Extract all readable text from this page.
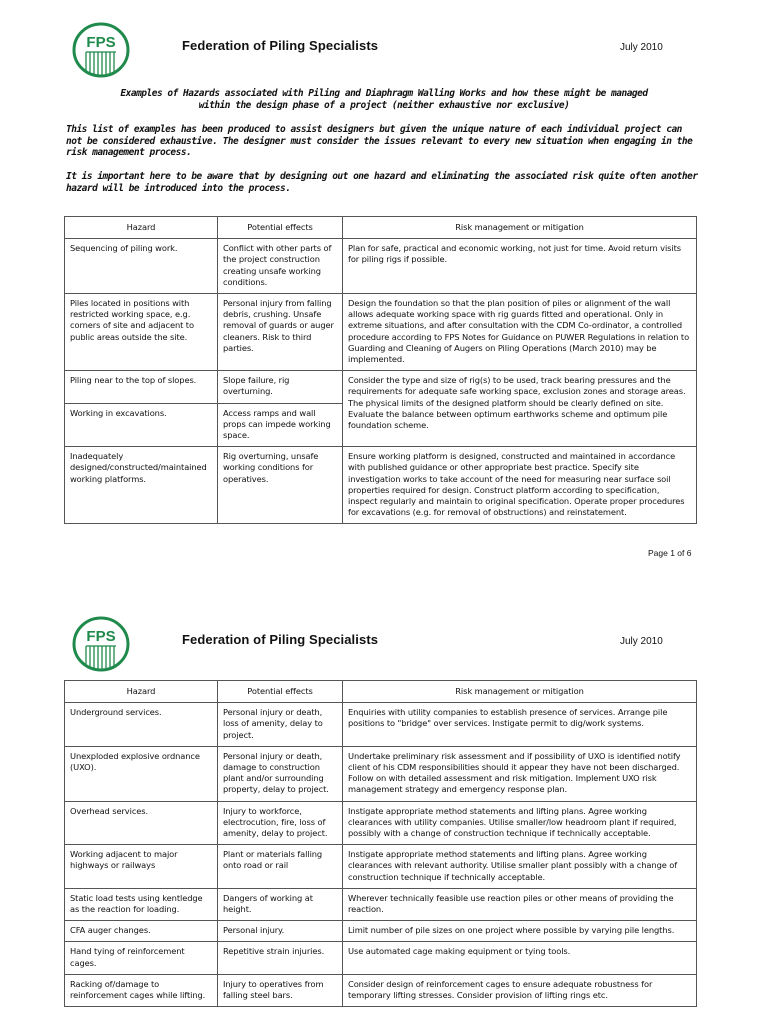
FPS	Federation of Piling Specialists	July 2010
Examples of Hazards associated with Piling and Diaphragm Walling Works and how these might be managed
within the design phase of a project (neither exhaustive nor exclusive)
This list of examples has been produced to assist designers but given the unique nature of each individual project can not be considered exhaustive. The designer must consider the issues relevant to every new situation when engaging in the risk management process.
It is important here to be aware that by designing out one hazard and eliminating the associated risk quite often another hazard will be introduced into the process.
Hazard	Potential effects	Risk management or mitigation
Sequencing of piling work.	Conflict with other parts of the project construction creating unsafe working conditions.	Plan for safe, practical and economic working, not just for time. Avoid return visits for piling rigs if possible.
Piles located in positions with restricted working space, e.g. corners of site and adjacent to public areas outside the site.	Personal injury from falling debris, crushing. Unsafe removal of guards or auger cleaners. Risk to third parties.	Design the foundation so that the plan position of piles or alignment of the wall allows adequate working space with rig guards fitted and operational. Only in extreme situations, and after consultation with the CDM Co-ordinator, a controlled procedure according to FPS Notes for Guidance on PUWER Regulations in relation to Guarding and Cleaning of Augers on Piling Operations (March 2010) may be implemented.
Piling near to the top of slopes.	Slope failure, rig overturning.	Consider the type and size of rig(s) to be used, track bearing pressures and the requirements for adequate safe working space, exclusion zones and storage areas. The physical limits of the designed platform should be clearly defined on site. Evaluate the balance between optimum earthworks scheme and optimum pile foundation scheme.
Working in excavations.	Access ramps and wall props can impede working space.	
Inadequately designed/constructed/maintained working platforms.	Rig overturning, unsafe working conditions for operatives.	Ensure working platform is designed, constructed and maintained in accordance with published guidance or other appropriate best practice. Specify site investigation works to take account of the need for measuring near surface soil properties required for design. Construct platform according to specification, inspect regularly and maintain to original specification. Operate proper procedures for excavations (e.g. for removal of obstructions) and reinstatement.
Page 1 of 6
FPS	Federation of Piling Specialists	July 2010
Hazard	Potential effects	Risk management or mitigation
Underground services.	Personal injury or death, loss of amenity, delay to project.	Enquiries with utility companies to establish presence of services. Arrange pile positions to "bridge" over services. Instigate permit to dig/work systems.
Unexploded explosive ordnance (UXO).	Personal injury or death, damage to construction plant and/or surrounding property, delay to project.	Undertake preliminary risk assessment and if possibility of UXO is identified notify client of his CDM responsibilities should it appear they have not been discharged. Follow on with detailed assessment and risk mitigation. Implement UXO risk management strategy and emergency response plan.
Overhead services.	Injury to workforce, electrocution, fire, loss of amenity, delay to project.	Instigate appropriate method statements and lifting plans. Agree working clearances with utility companies. Utilise smaller/low headroom plant if required, possibly with a change of construction technique if technically acceptable.
Working adjacent to major highways or railways	Plant or materials falling onto road or rail	Instigate appropriate method statements and lifting plans. Agree working clearances with relevant authority. Utilise smaller plant possibly with a change of construction technique if technically acceptable.
Static load tests using kentledge as the reaction for loading.	Dangers of working at height.	Wherever technically feasible use reaction piles or other means of providing the reaction.
CFA auger changes.	Personal injury.	Limit number of pile sizes on one project where possible by varying pile lengths.
Hand tying of reinforcement cages.	Repetitive strain injuries.	Use automated cage making equipment or tying tools.
Racking of/damage to reinforcement cages while lifting.	Injury to operatives from falling steel bars.	Consider design of reinforcement cages to ensure adequate robustness for temporary lifting stresses. Consider provision of lifting rings etc.
